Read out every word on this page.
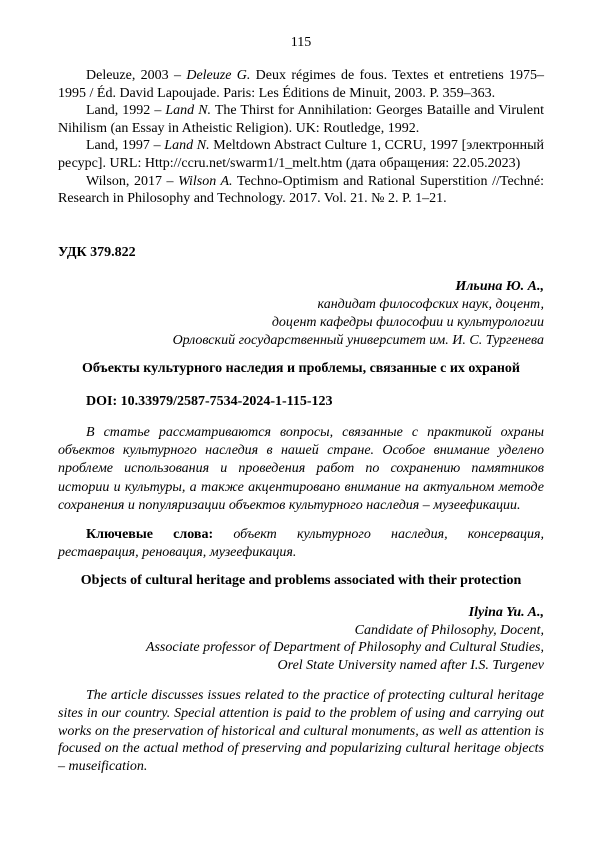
115

Deleuze, 2003 – Deleuze G. Deux régimes de fous. Textes et entretiens 1975–1995 / Éd. David Lapoujade. Paris: Les Éditions de Minuit, 2003. P. 359–363.

Land, 1992 – Land N. The Thirst for Annihilation: Georges Bataille and Virulent Nihilism (an Essay in Atheistic Religion). UK: Routledge, 1992.

Land, 1997 – Land N. Meltdown Abstract Culture 1, CCRU, 1997 [электронный ресурс]. URL: Http://ccru.net/swarm1/1_melt.htm (дата обращения: 22.05.2023)

Wilson, 2017 – Wilson A. Techno-Optimism and Rational Superstition //Techné: Research in Philosophy and Technology. 2017. Vol. 21. № 2. P. 1–21.

УДК 379.822
Ильина Ю. А.,
кандидат философских наук, доцент,
доцент кафедры философии и культурологии
Орловский государственный университет им. И. С. Тургенева
Объекты культурного наследия и проблемы, связанные с их охраной
DOI: 10.33979/2587-7534-2024-1-115-123

В статье рассматриваются вопросы, связанные с практикой охраны объектов культурного наследия в нашей стране. Особое внимание уделено проблеме использования и проведения работ по сохранению памятников истории и культуры, а также акцентировано внимание на актуальном методе сохранения и популяризации объектов культурного наследия – музеефикации.

Ключевые слова: объект культурного наследия, консервация, реставрация, реновация, музеефикация.

Objects of cultural heritage and problems associated with their protection
Ilyina Yu. A.,
Candidate of Philosophy, Docent,
Associate professor of Department of Philosophy and Cultural Studies,
Orel State University named after I.S. Turgenev

The article discusses issues related to the practice of protecting cultural heritage sites in our country. Special attention is paid to the problem of using and carrying out works on the preservation of historical and cultural monuments, as well as attention is focused on the actual method of preserving and popularizing cultural heritage objects – museification.
